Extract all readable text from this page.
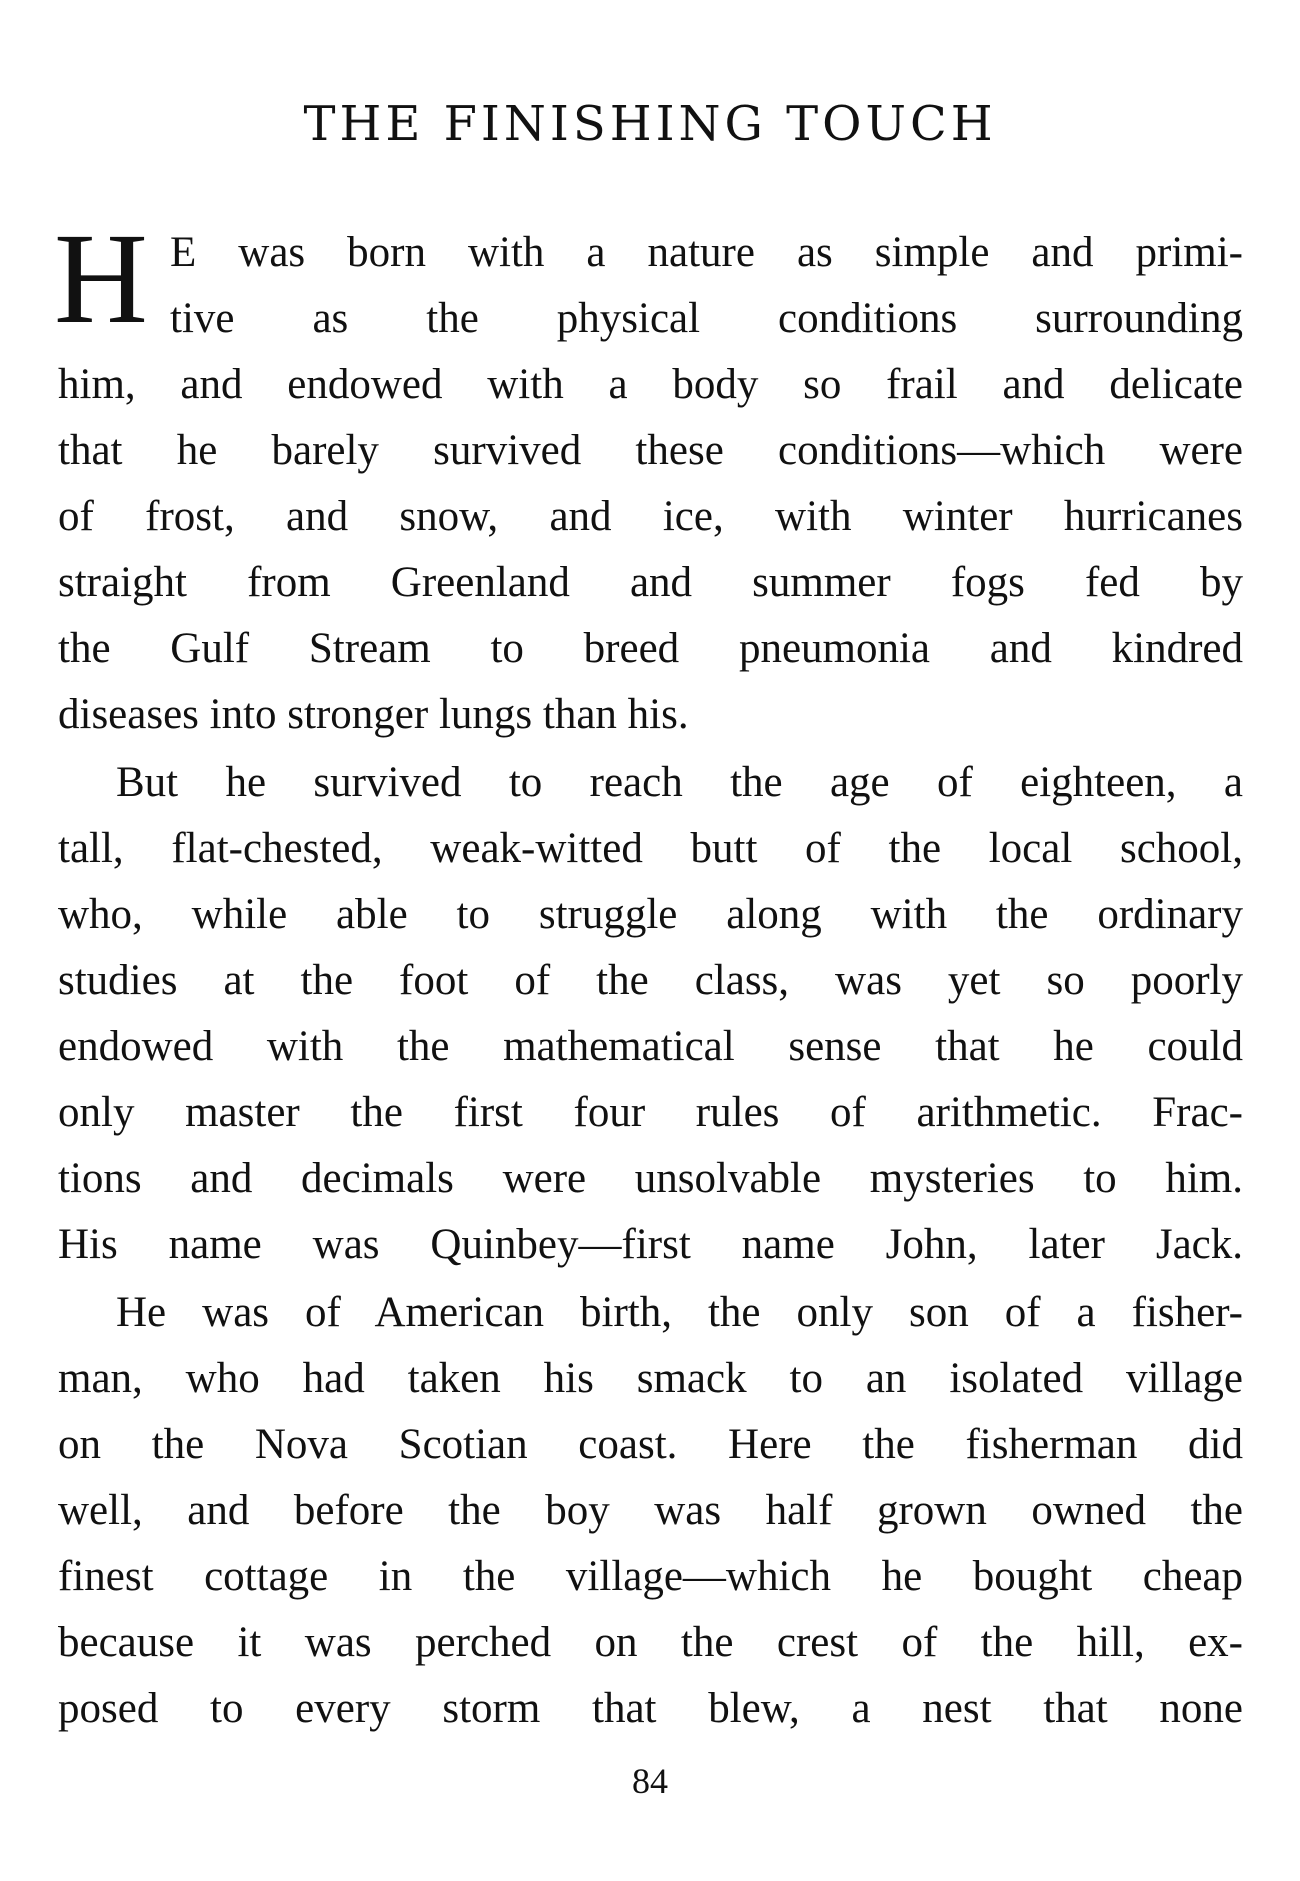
THE FINISHING TOUCH
H E was born with a nature as simple and primi-
tive as the physical conditions surrounding
him, and endowed with a body so frail and delicate
that he barely survived these conditions—which were
of frost, and snow, and ice, with winter hurricanes
straight from Greenland and summer fogs fed by
the Gulf Stream to breed pneumonia and kindred
diseases into stronger lungs than his.
But he survived to reach the age of eighteen, a
tall, flat-chested, weak-witted butt of the local school,
who, while able to struggle along with the ordinary
studies at the foot of the class, was yet so poorly
endowed with the mathematical sense that he could
only master the first four rules of arithmetic. Frac-
tions and decimals were unsolvable mysteries to him.
His name was Quinbey—first name John, later Jack.
He was of American birth, the only son of a fisher-
man, who had taken his smack to an isolated village
on the Nova Scotian coast. Here the fisherman did
well, and before the boy was half grown owned the
finest cottage in the village—which he bought cheap
because it was perched on the crest of the hill, ex-
posed to every storm that blew, a nest that none
84
